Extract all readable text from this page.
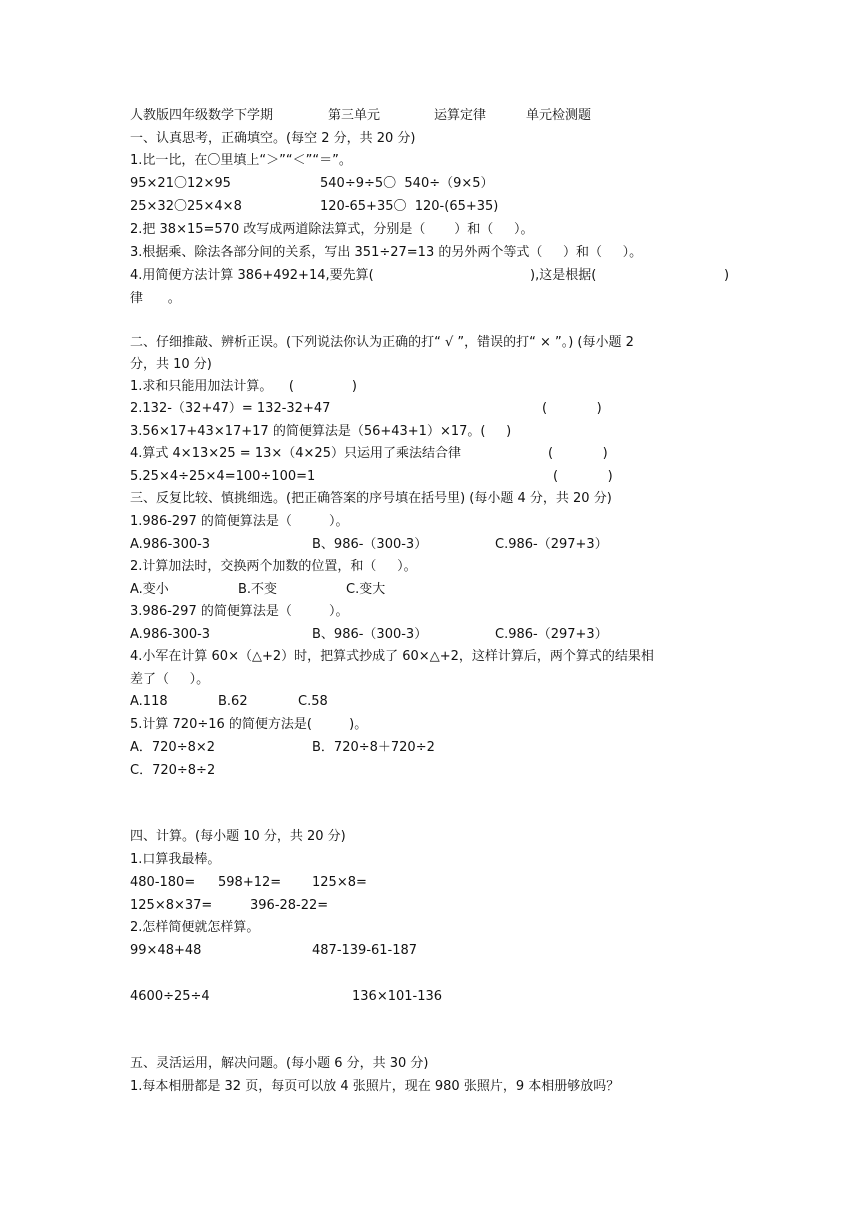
人教版四年级数学下学期	第三单元	运算定律	单元检测题
一、认真思考，正确填空。(每空 2 分，共 20 分)
1.比一比，在〇里填上“＞”“＜”“＝”。
95×21〇12×95	540÷9÷5〇  540÷（9×5）
25×32〇25×4×8	120-65+35〇  120-(65+35)
2.把 38×15=570 改写成两道除法算式，分别是（       ）和（     ）。
3.根据乘、除法各部分间的关系，写出 351÷27=13 的另外两个等式（     ）和（     ）。
4.用简便方法计算 386+492+14,要先算(	),这是根据(	)
律      。
二、仔细推敲、辨析正误。(下列说法你认为正确的打“ √ ”，错误的打“ × ”。) (每小题 2
分，共 10 分)
1.求和只能用加法计算。    (              )
2.132-（32+47）= 132-32+47	(            )
3.56×17+43×17+17 的简便算法是（56+43+1）×17。(     )
4.算式 4×13×25 = 13×（4×25）只运用了乘法结合律	(            )
5.25×4÷25×4=100÷100=1	(            )
三、反复比较、慎挑细选。(把正确答案的序号填在括号里) (每小题 4 分，共 20 分)
1.986-297 的简便算法是（         ）。
A.986-300-3	B、986-（300-3）	C.986-（297+3）
2.计算加法时，交换两个加数的位置，和（     ）。
A.变小	B.不变	C.变大
3.986-297 的简便算法是（         ）。
A.986-300-3	B、986-（300-3）	C.986-（297+3）
4.小军在计算 60×（△+2）时，把算式抄成了 60×△+2，这样计算后，两个算式的结果相
差了（     ）。
A.118	B.62	C.58
5.计算 720÷16 的简便方法是(         )。
A．720÷8×2	B．720÷8＋720÷2
C．720÷8÷2
四、计算。(每小题 10 分，共 20 分)
1.口算我最棒。
480-180= 598+12= 125×8=
125×8×37=	396-28-22=
2.怎样简便就怎样算。
99×48+48	487-139-61-187
4600÷25÷4	136×101-136
五、灵活运用，解决问题。(每小题 6 分，共 30 分)
1.每本相册都是 32 页，每页可以放 4 张照片，现在 980 张照片，9 本相册够放吗？
